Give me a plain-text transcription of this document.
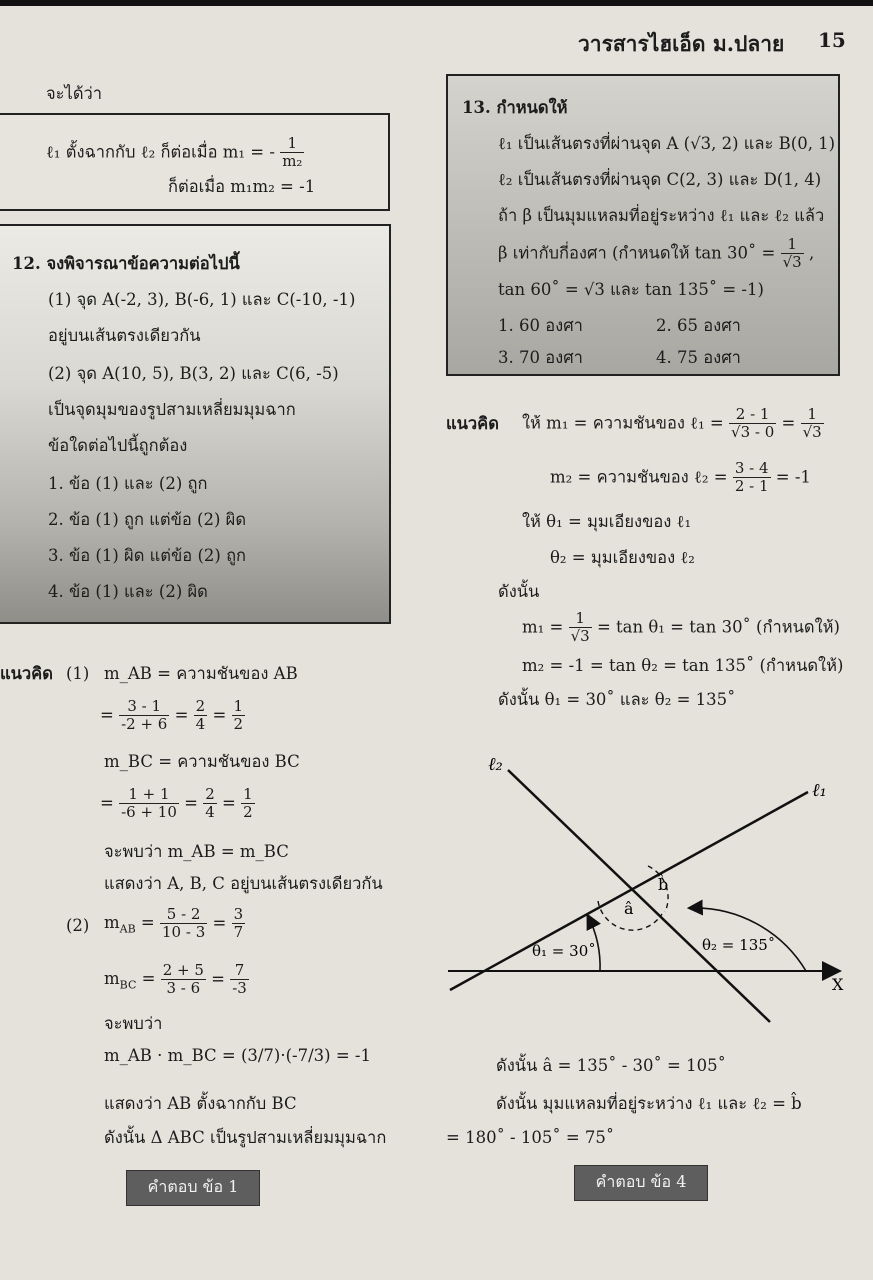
วารสารไฮเอ็ด ม.ปลาย 15
จะได้ว่า
ℓ₁ ตั้งฉากกับ ℓ₂ ก็ต่อเมื่อ m₁ = - $\frac{1}{\text{m₂}}$
ก็ต่อเมื่อ m₁m₂ = -1
12. จงพิจารณาข้อความต่อไปนี้
(1) จุด A(-2, 3), B(-6, 1) และ C(-10, -1)
อยู่บนเส้นตรงเดียวกัน
(2) จุด A(10, 5), B(3, 2) และ C(6, -5)
เป็นจุดมุมของรูปสามเหลี่ยมมุมฉาก
ข้อใดต่อไปนี้ถูกต้อง
1. ข้อ (1) และ (2) ถูก
2. ข้อ (1) ถูก แต่ข้อ (2) ผิด
3. ข้อ (1) ผิด แต่ข้อ (2) ถูก
4. ข้อ (1) และ (2) ผิด
แนวคิด (1) m_AB = ความชันของ AB
= $\frac{3 - 1}{-2 + 6} = \frac{2}{4} = \frac{1}{2}$
m_BC = ความชันของ BC
= $\frac{1 + 1}{-6 + 10} = \frac{2}{4} = \frac{1}{2}$
จะพบว่า m_AB = m_BC
แสดงว่า A, B, C อยู่บนเส้นตรงเดียวกัน
(2) $m_{AB} = \frac{5 - 2}{10 - 3} = \frac{3}{7}$
$m_{BC} = \frac{2 + 5}{3 - 6} = \frac{7}{-3}$
จะพบว่า
m_AB · m_BC = (3/7)·(-7/3) = -1
แสดงว่า AB ตั้งฉากกับ BC
ดังนั้น Δ ABC เป็นรูปสามเหลี่ยมมุมฉาก
คำตอบ ข้อ 1
13. กำหนดให้
ℓ₁ เป็นเส้นตรงที่ผ่านจุด A (√3, 2) และ B(0, 1)
ℓ₂ เป็นเส้นตรงที่ผ่านจุด C(2, 3) และ D(1, 4)
ถ้า β เป็นมุมแหลมที่อยู่ระหว่าง ℓ₁ และ ℓ₂ แล้ว
β เท่ากับกี่องศา (กำหนดให้ tan 30˚ = $\frac{1}{√3}$ ,
tan 60˚ = √3 และ tan 135˚ = -1)
1. 60 องศา	2. 65 องศา
3. 70 องศา	4. 75 องศา
แนวคิด ให้ m₁ = ความชันของ ℓ₁ = $\frac{2 - 1}{√3 - 0} = \frac{1}{√3}$
m₂ = ความชันของ ℓ₂ = $\frac{3 - 4}{2 - 1} = -1$
ให้ θ₁ = มุมเอียงของ ℓ₁
θ₂ = มุมเอียงของ ℓ₂
ดังนั้น
$m_1 = \frac{1}{√3} = \tan \theta_1 = \tan$ 30˚ (กำหนดให้)
m₂ = -1 = tan θ₂ = tan 135˚ (กำหนดให้)
ดังนั้น θ₁ = 30˚ และ θ₂ = 135˚
ℓ₂
ℓ₁
â
b̂
θ₁ = 30˚	θ₂ = 135˚
X
ดังนั้น â = 135˚ - 30˚ = 105˚
ดังนั้น มุมแหลมที่อยู่ระหว่าง ℓ₁ และ ℓ₂ = b̂
= 180˚ - 105˚ = 75˚
คำตอบ ข้อ 4
